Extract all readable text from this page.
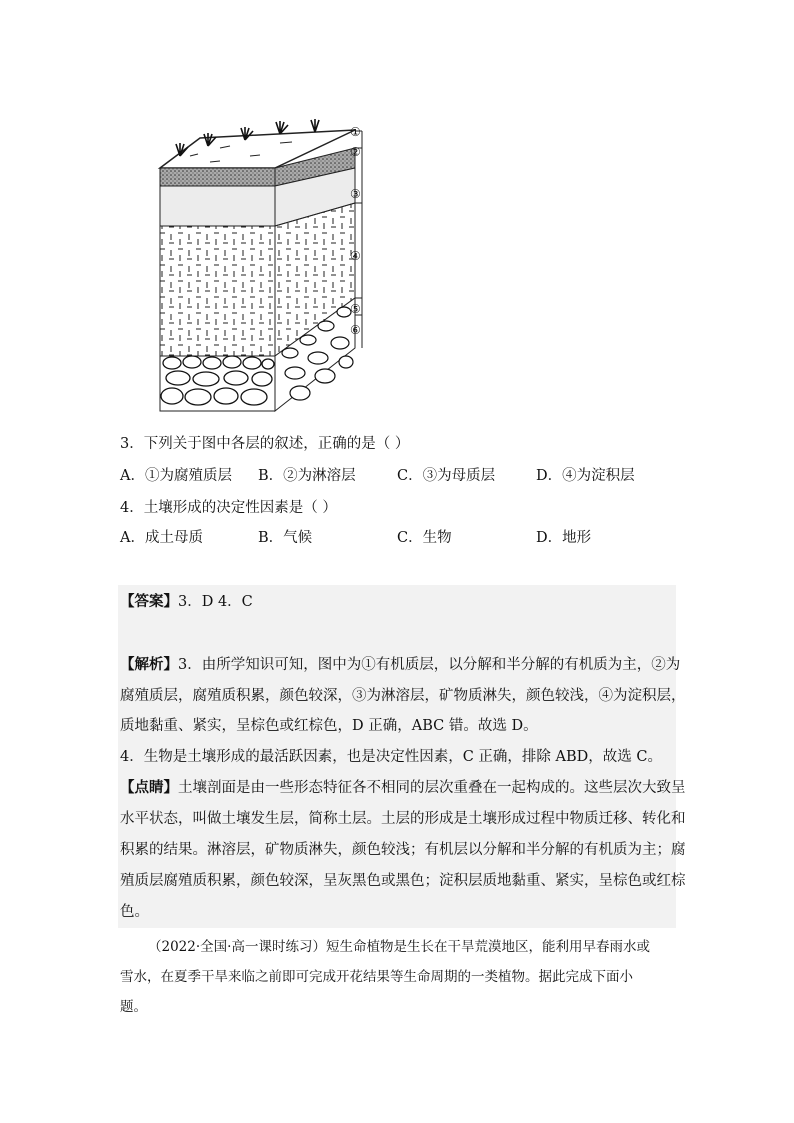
①
②
③
④
⑤
⑥
3．下列关于图中各层的叙述，正确的是（ ）
A．①为腐殖质层 B．②为淋溶层	C．③为母质层	D．④为淀积层
4．土壤形成的决定性因素是（ ）
A．成土母质	B．气候	C．生物	D．地形
【答案】3．D 4．C
【解析】3．由所学知识可知，图中为①有机质层，以分解和半分解的有机质为主，②为
腐殖质层，腐殖质积累，颜色较深，③为淋溶层，矿物质淋失，颜色较浅，④为淀积层，
质地黏重、紧实，呈棕色或红棕色，D 正确，ABC 错。故选 D。
4．生物是土壤形成的最活跃因素，也是决定性因素，C 正确，排除 ABD，故选 C。
【点睛】土壤剖面是由一些形态特征各不相同的层次重叠在一起构成的。这些层次大致呈
水平状态，叫做土壤发生层，简称土层。土层的形成是土壤形成过程中物质迁移、转化和
积累的结果。淋溶层，矿物质淋失，颜色较浅；有机层以分解和半分解的有机质为主；腐
殖质层腐殖质积累，颜色较深，呈灰黑色或黑色；淀积层质地黏重、紧实，呈棕色或红棕
色。
（2022·全国·高一课时练习）短生命植物是生长在干旱荒漠地区，能利用早春雨水或
雪水，在夏季干旱来临之前即可完成开花结果等生命周期的一类植物。据此完成下面小
题。
